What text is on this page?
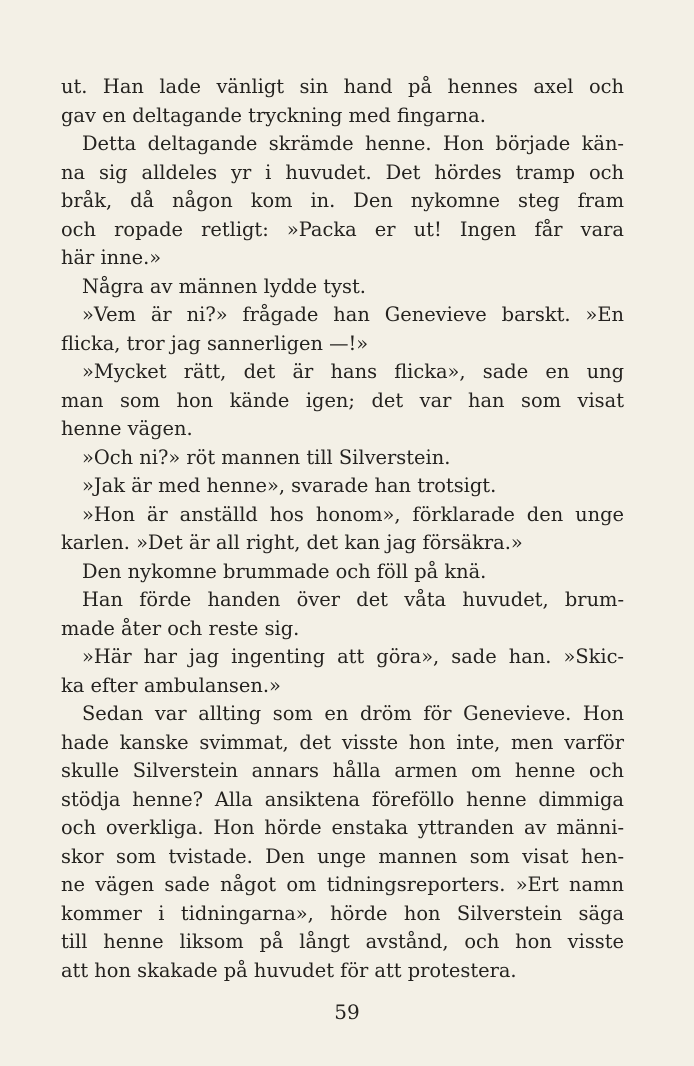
ut. Han lade vänligt sin hand på hennes axel och
gav en deltagande tryckning med fingarna.
Detta deltagande skrämde henne. Hon började kän-
na sig alldeles yr i huvudet. Det hördes tramp och
bråk, då någon kom in. Den nykomne steg fram
och ropade retligt: »Packa er ut! Ingen får vara
här inne.»
Några av männen lydde tyst.
»Vem är ni?» frågade han Genevieve barskt. »En
flicka, tror jag sannerligen —!»
»Mycket rätt, det är hans flicka», sade en ung
man som hon kände igen; det var han som visat
henne vägen.
»Och ni?» röt mannen till Silverstein.
»Jak är med henne», svarade han trotsigt.
»Hon är anställd hos honom», förklarade den unge
karlen. »Det är all right, det kan jag försäkra.»
Den nykomne brummade och föll på knä.
Han förde handen över det våta huvudet, brum-
made åter och reste sig.
»Här har jag ingenting att göra», sade han. »Skic-
ka efter ambulansen.»
Sedan var allting som en dröm för Genevieve. Hon
hade kanske svimmat, det visste hon inte, men varför
skulle Silverstein annars hålla armen om henne och
stödja henne? Alla ansiktena föreföllo henne dimmiga
och overkliga. Hon hörde enstaka yttranden av männi-
skor som tvistade. Den unge mannen som visat hen-
ne vägen sade något om tidningsreporters. »Ert namn
kommer i tidningarna», hörde hon Silverstein säga
till henne liksom på långt avstånd, och hon visste
att hon skakade på huvudet för att protestera.
59
